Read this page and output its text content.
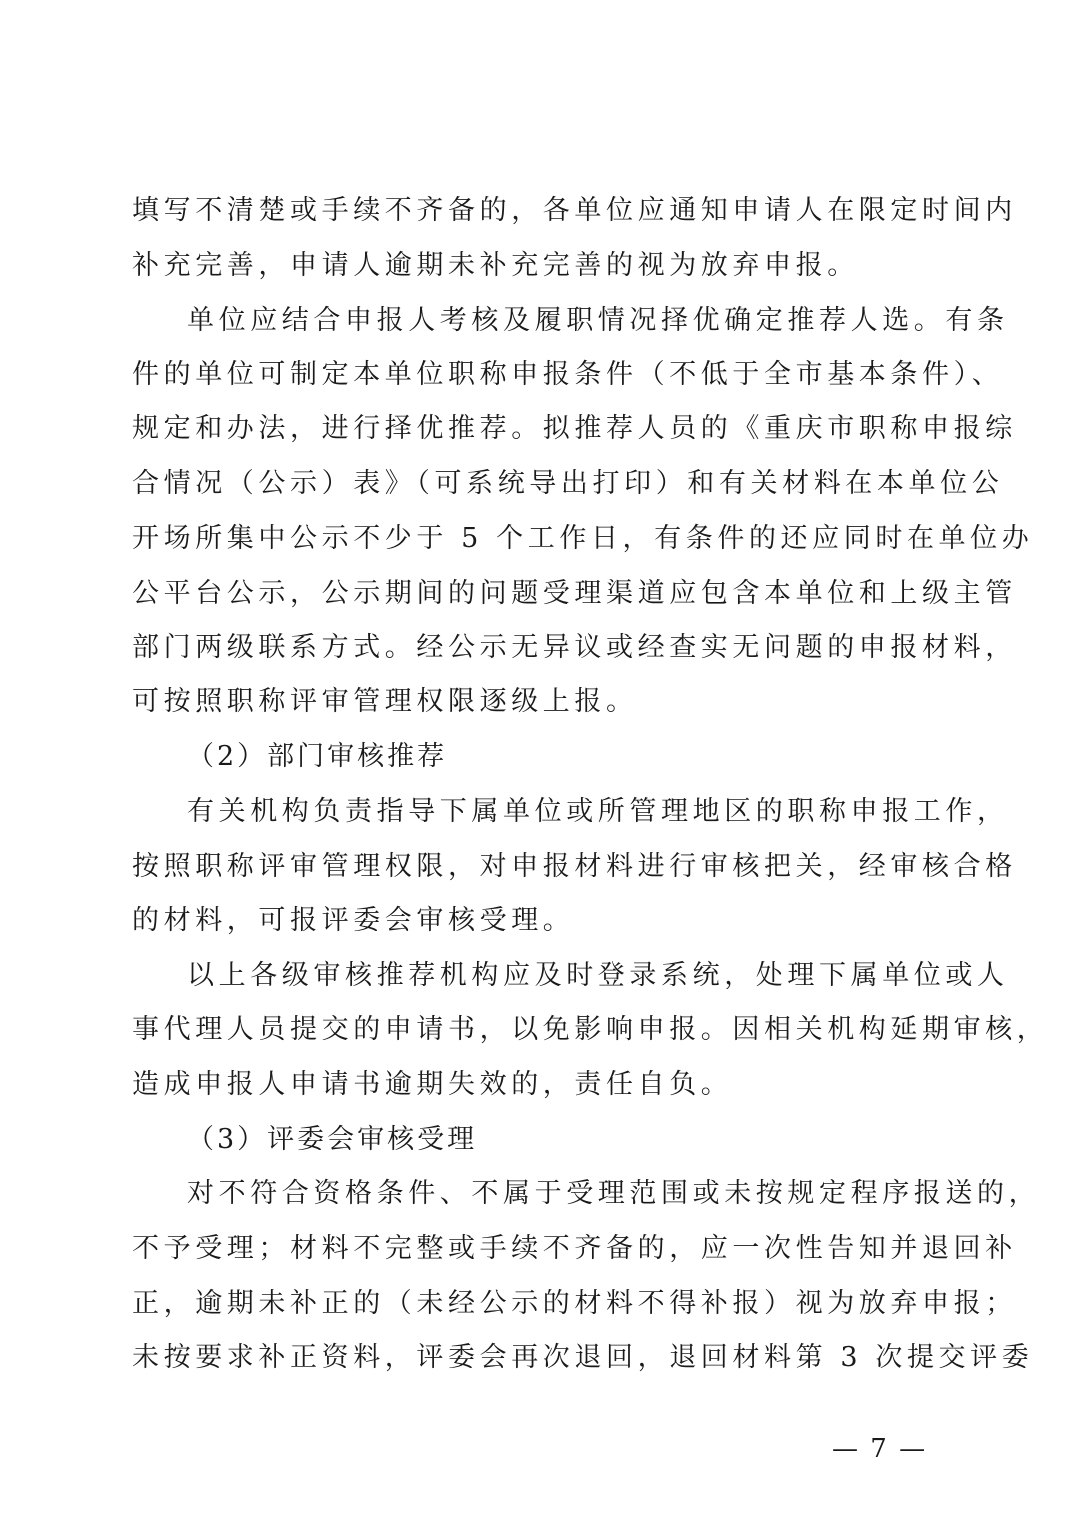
填写不清楚或手续不齐备的，各单位应通知申请人在限定时间内
补充完善，申请人逾期未补充完善的视为放弃申报。
单位应结合申报人考核及履职情况择优确定推荐人选。有条
件的单位可制定本单位职称申报条件（不低于全市基本条件）、
规定和办法，进行择优推荐。拟推荐人员的《重庆市职称申报综
合情况（公示）表》（可系统导出打印）和有关材料在本单位公
开场所集中公示不少于 5 个工作日，有条件的还应同时在单位办
公平台公示，公示期间的问题受理渠道应包含本单位和上级主管
部门两级联系方式。经公示无异议或经查实无问题的申报材料，
可按照职称评审管理权限逐级上报。
（2）部门审核推荐
有关机构负责指导下属单位或所管理地区的职称申报工作，
按照职称评审管理权限，对申报材料进行审核把关，经审核合格
的材料，可报评委会审核受理。
以上各级审核推荐机构应及时登录系统，处理下属单位或人
事代理人员提交的申请书，以免影响申报。因相关机构延期审核，
造成申报人申请书逾期失效的，责任自负。
（3）评委会审核受理
对不符合资格条件、不属于受理范围或未按规定程序报送的，
不予受理；材料不完整或手续不齐备的，应一次性告知并退回补
正，逾期未补正的（未经公示的材料不得补报）视为放弃申报；
未按要求补正资料，评委会再次退回，退回材料第 3 次提交评委
— 7 —
